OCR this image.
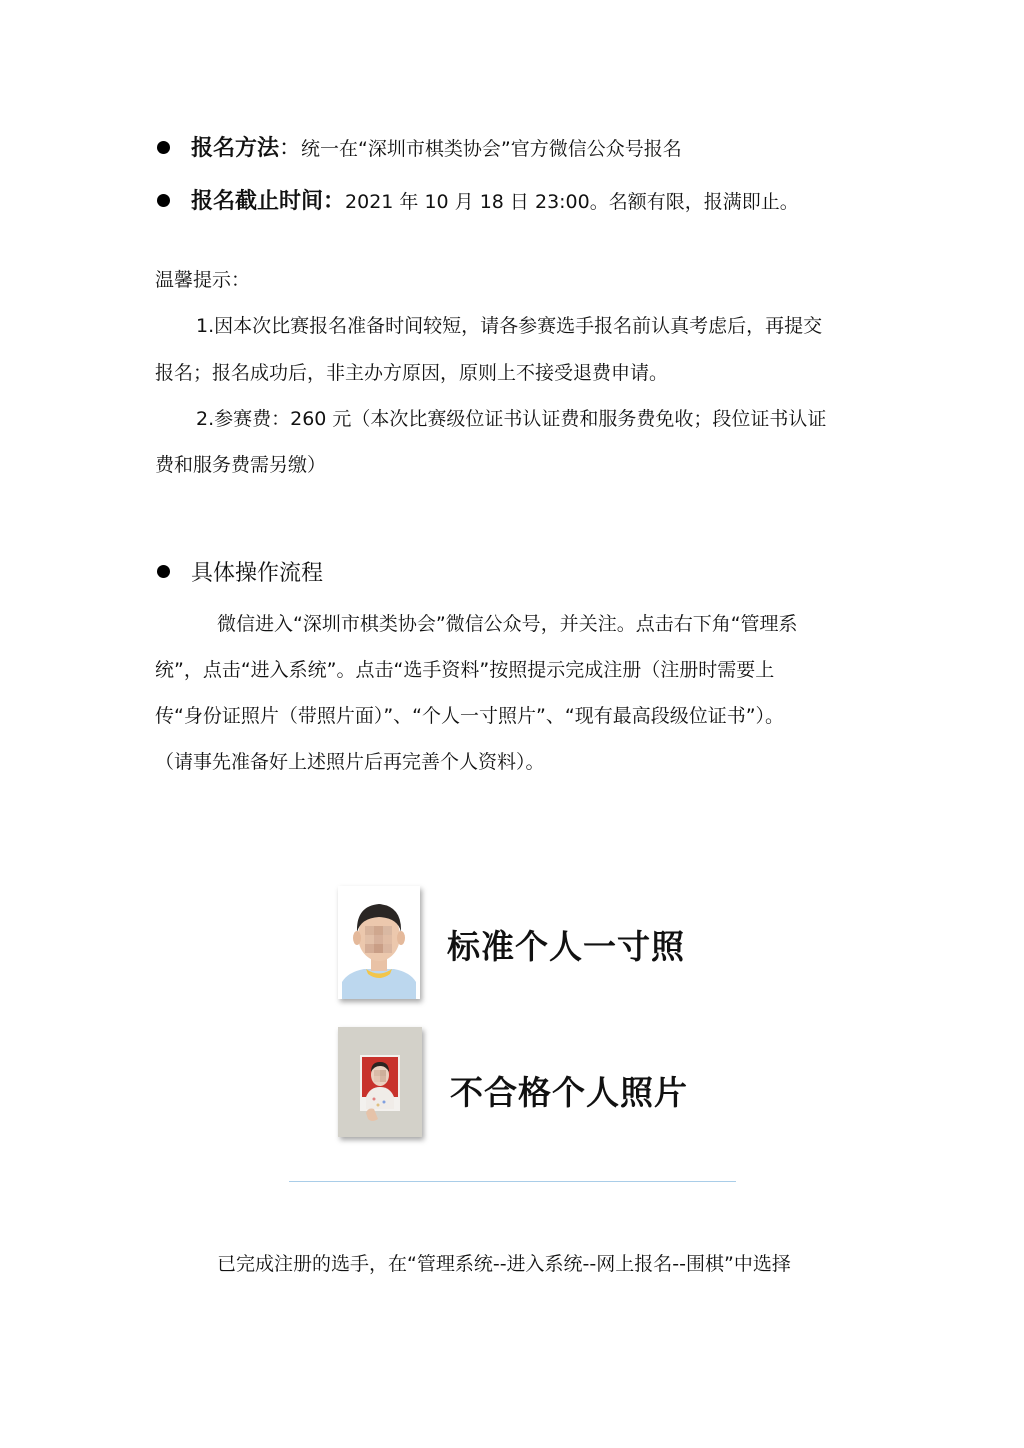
报名方法：统一在“深圳市棋类协会”官方微信公众号报名
报名截止时间：2021 年 10 月 18 日 23:00。名额有限，报满即止。
温馨提示：
1.因本次比赛报名准备时间较短，请各参赛选手报名前认真考虑后，再提交
报名；报名成功后，非主办方原因，原则上不接受退费申请。
2.参赛费：260 元（本次比赛级位证书认证费和服务费免收；段位证书认证
费和服务费需另缴）
具体操作流程
微信进入“深圳市棋类协会”微信公众号，并关注。点击右下角“管理系
统”，点击“进入系统”。点击“选手资料”按照提示完成注册（注册时需要上
传“身份证照片（带照片面）”、“个人一寸照片”、“现有最高段级位证书”）。
（请事先准备好上述照片后再完善个人资料）。
标准个人一寸照
不合格个人照片
已完成注册的选手，在“管理系统--进入系统--网上报名--围棋”中选择
